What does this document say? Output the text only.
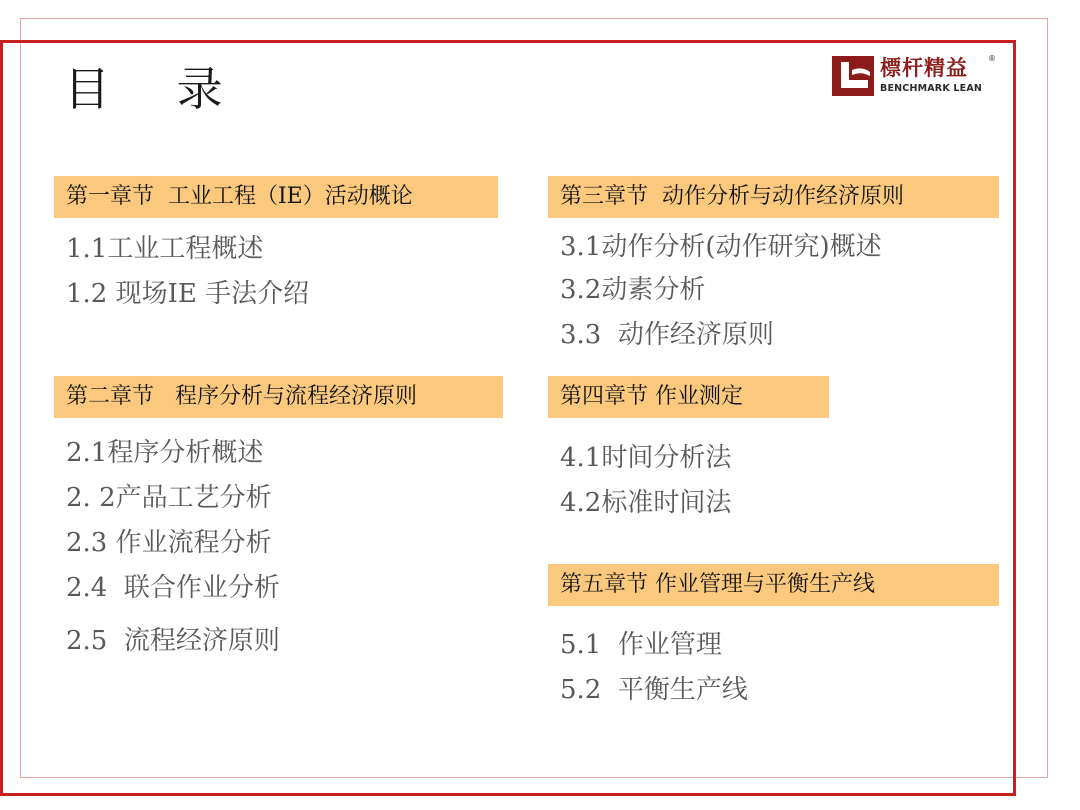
目 录	標杆精益
BENCHMARK LEAN
®
第一章节  工业工程（IE）活动概论
1.1工业工程概述
1.2 现场IE 手法介绍
第二章节   程序分析与流程经济原则
2.1程序分析概述
2. 2产品工艺分析
2.3 作业流程分析
2.4  联合作业分析
2.5  流程经济原则
第三章节  动作分析与动作经济原则
3.1动作分析(动作研究)概述
3.2动素分析
3.3  动作经济原则
第四章节 作业测定
4.1时间分析法
4.2标准时间法
第五章节 作业管理与平衡生产线
5.1  作业管理
5.2  平衡生产线
